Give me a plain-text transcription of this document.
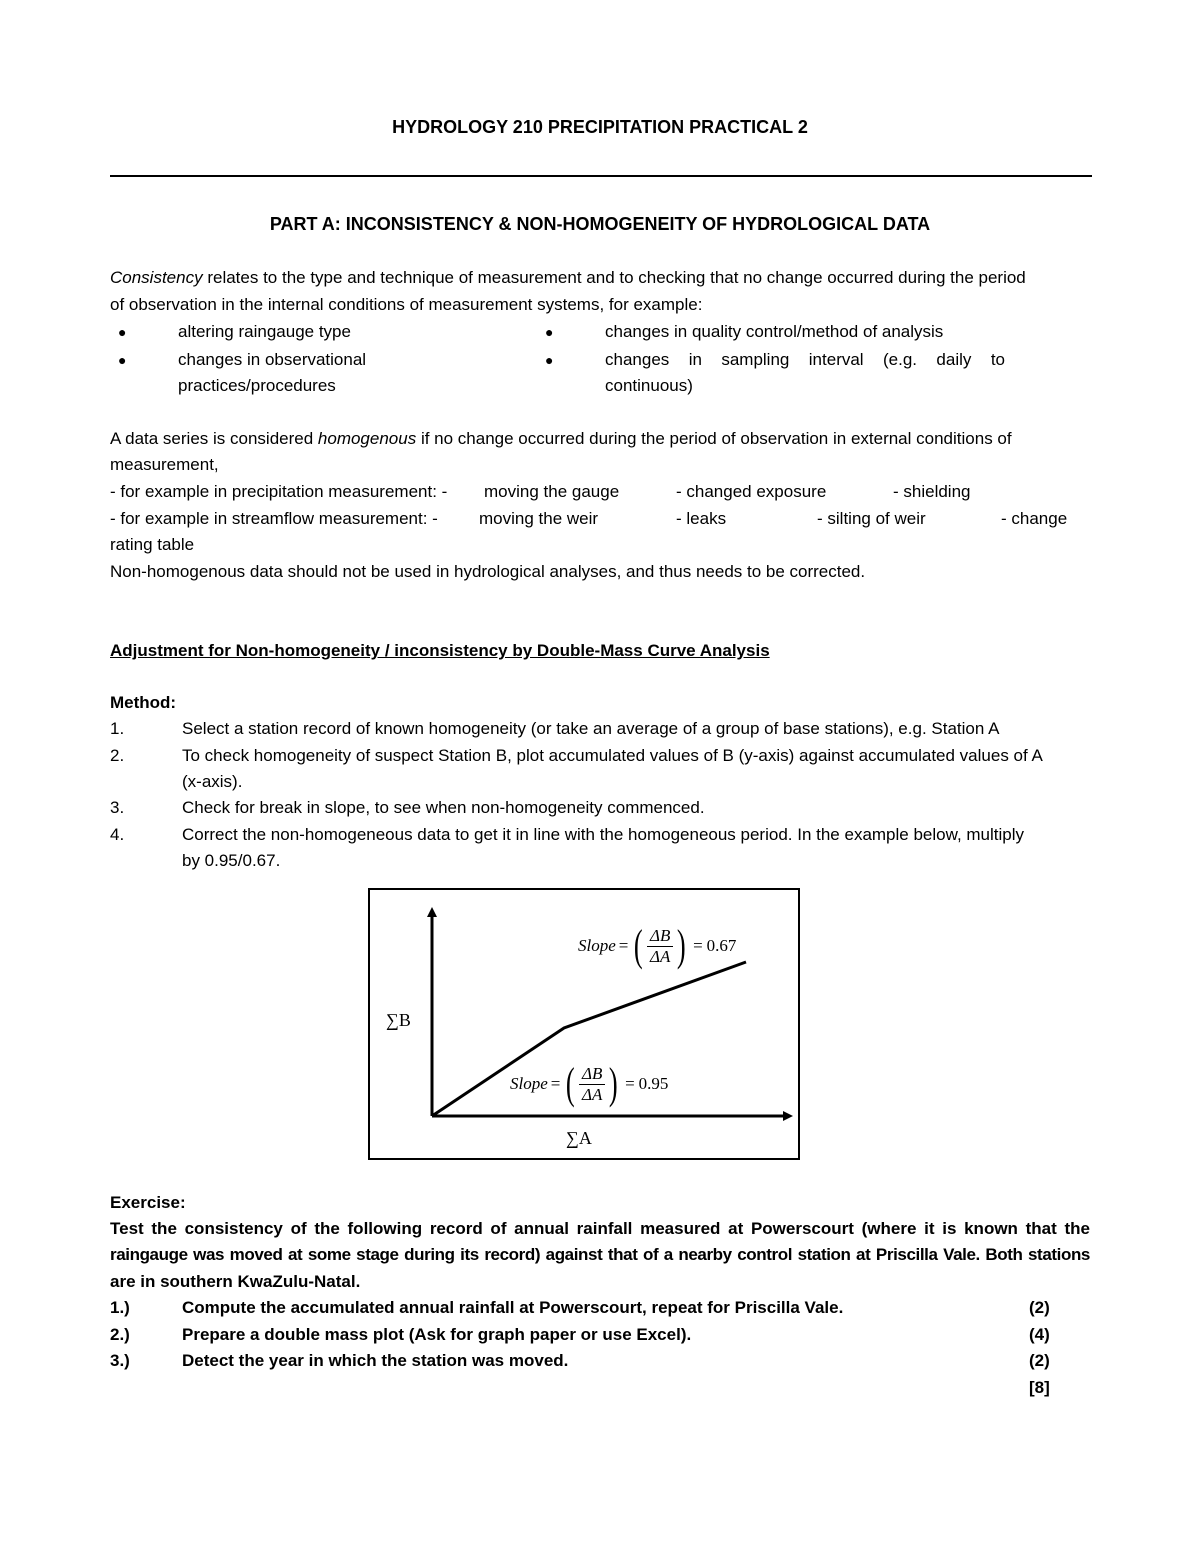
HYDROLOGY 210 PRECIPITATION PRACTICAL 2
PART A: INCONSISTENCY & NON-HOMOGENEITY OF HYDROLOGICAL DATA
Consistency relates to the type and technique of measurement and to checking that no change occurred during the period
of observation in the internal conditions of measurement systems, for example:
●	altering raingauge type
●	changes in observational
practices/procedures
●	changes in quality control/method of analysis
●	changes in sampling interval (e.g. daily to
continuous)
A data series is considered homogenous if no change occurred during the period of observation in external conditions of
measurement,
- for example in precipitation measurement: - moving the gauge	- changed exposure	- shielding
- for example in streamflow measurement: - moving the weir	- leaks	- silting of weir	- change
rating table
Non-homogenous data should not be used in hydrological analyses, and thus needs to be corrected.
Adjustment for Non-homogeneity / inconsistency by Double-Mass Curve Analysis
Method:
1.	Select a station record of known homogeneity (or take an average of a group of base stations), e.g. Station A
2.	To check homogeneity of suspect Station B, plot accumulated values of B (y-axis) against accumulated values of A
(x-axis).
3.	Check for break in slope, to see when non-homogeneity commenced.
4.	Correct the non-homogeneous data to get it in line with the homogeneous period. In the example below, multiply
by 0.95/0.67.
∑B
∑A
Slope = ( $\frac{\Delta B}{\Delta A}$ ) = 0.67
Slope = ( $\frac{\Delta B}{\Delta A}$ ) = 0.95
Exercise:
Test the consistency of the following record of annual rainfall measured at Powerscourt (where it is known that the
raingauge was moved at some stage during its record) against that of a nearby control station at Priscilla Vale. Both stations
are in southern KwaZulu-Natal.
1.)	Compute the accumulated annual rainfall at Powerscourt, repeat for Priscilla Vale.	(2)
2.)	Prepare a double mass plot (Ask for graph paper or use Excel).	(4)
3.)	Detect the year in which the station was moved.	(2)
[8]
